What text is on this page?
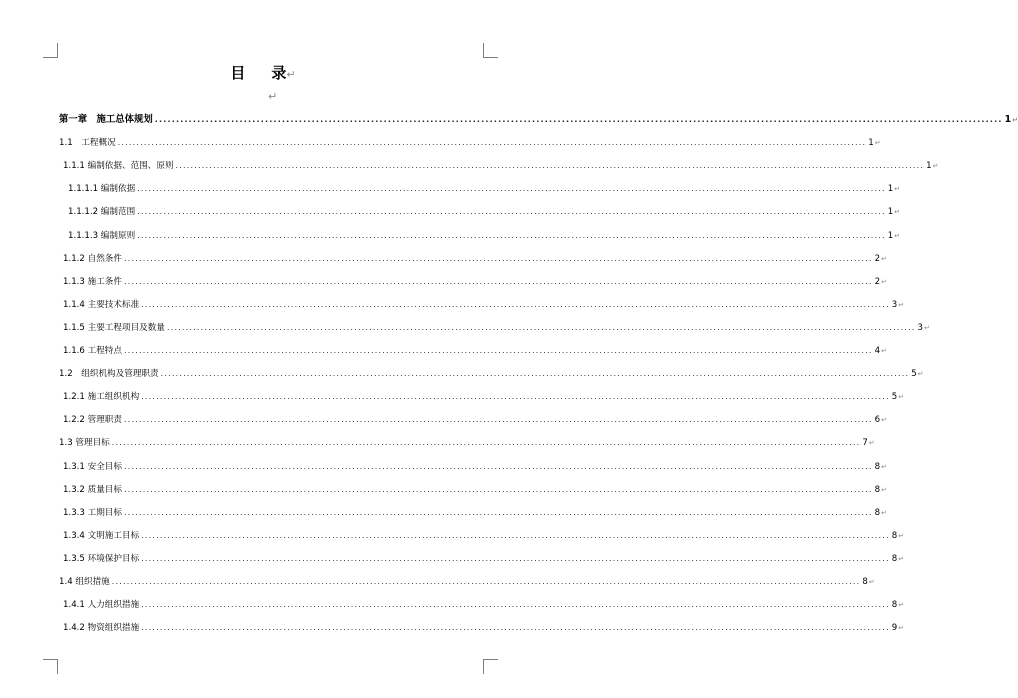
目 录↵
↵
第一章　施工总体规划 ........................................................................................................................................................................................................ 1 ↵
1.1　工程概况 ........................................................................................................................................................................................................ 1 ↵
1.1.1 编制依据、范围、原则 ........................................................................................................................................................................................................ 1 ↵
1.1.1.1 编制依据 ........................................................................................................................................................................................................ 1 ↵
1.1.1.2 编制范围 ........................................................................................................................................................................................................ 1 ↵
1.1.1.3 编制原则 ........................................................................................................................................................................................................ 1 ↵
1.1.2 自然条件 ........................................................................................................................................................................................................ 2 ↵
1.1.3 施工条件 ........................................................................................................................................................................................................ 2 ↵
1.1.4 主要技术标准 ........................................................................................................................................................................................................ 3 ↵
1.1.5 主要工程项目及数量 ........................................................................................................................................................................................................ 3 ↵
1.1.6 工程特点 ........................................................................................................................................................................................................ 4 ↵
1.2　组织机构及管理职责 ........................................................................................................................................................................................................ 5 ↵
1.2.1 施工组织机构 ........................................................................................................................................................................................................ 5 ↵
1.2.2 管理职责 ........................................................................................................................................................................................................ 6 ↵
1.3 管理目标 ........................................................................................................................................................................................................ 7 ↵
1.3.1 安全目标 ........................................................................................................................................................................................................ 8 ↵
1.3.2 质量目标 ........................................................................................................................................................................................................ 8 ↵
1.3.3 工期目标 ........................................................................................................................................................................................................ 8 ↵
1.3.4 文明施工目标 ........................................................................................................................................................................................................ 8 ↵
1.3.5 环境保护目标 ........................................................................................................................................................................................................ 8 ↵
1.4 组织措施 ........................................................................................................................................................................................................ 8 ↵
1.4.1 人力组织措施 ........................................................................................................................................................................................................ 8 ↵
1.4.2 物资组织措施 ........................................................................................................................................................................................................ 9 ↵
